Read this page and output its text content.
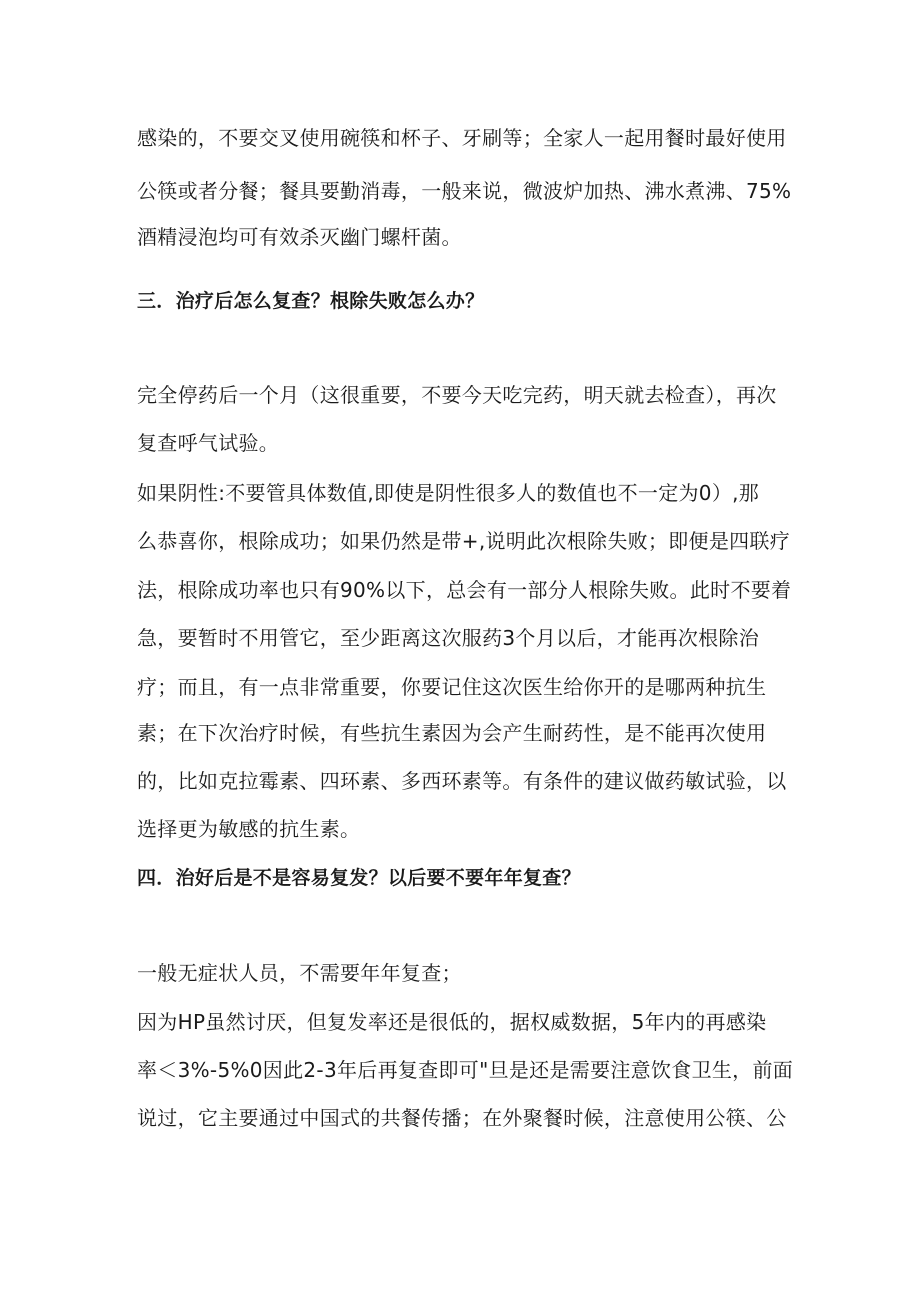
感染的，不要交叉使用碗筷和杯子、牙刷等；全家人一起用餐时最好使用
公筷或者分餐；餐具要勤消毒，一般来说，微波炉加热、沸水煮沸、75%
酒精浸泡均可有效杀灭幽门螺杆菌。
三．治疗后怎么复查？根除失败怎么办？
完全停药后一个月（这很重要，不要今天吃完药，明天就去检查），再次
复查呼气试验。
如果阴性:不要管具体数值,即使是阴性很多人的数值也不一定为0）,那
么恭喜你，根除成功；如果仍然是带+,说明此次根除失败；即便是四联疗
法，根除成功率也只有90%以下，总会有一部分人根除失败。此时不要着
急，要暂时不用管它，至少距离这次服药3个月以后，才能再次根除治
疗；而且，有一点非常重要，你要记住这次医生给你开的是哪两种抗生
素；在下次治疗时候，有些抗生素因为会产生耐药性，是不能再次使用
的，比如克拉霉素、四环素、多西环素等。有条件的建议做药敏试验，以
选择更为敏感的抗生素。
四．治好后是不是容易复发？以后要不要年年复查？
一般无症状人员，不需要年年复查；
因为HP虽然讨厌，但复发率还是很低的，据权威数据，5年内的再感染
率＜3%-5%0因此2-3年后再复查即可"旦是还是需要注意饮食卫生，前面
说过，它主要通过中国式的共餐传播；在外聚餐时候，注意使用公筷、公
